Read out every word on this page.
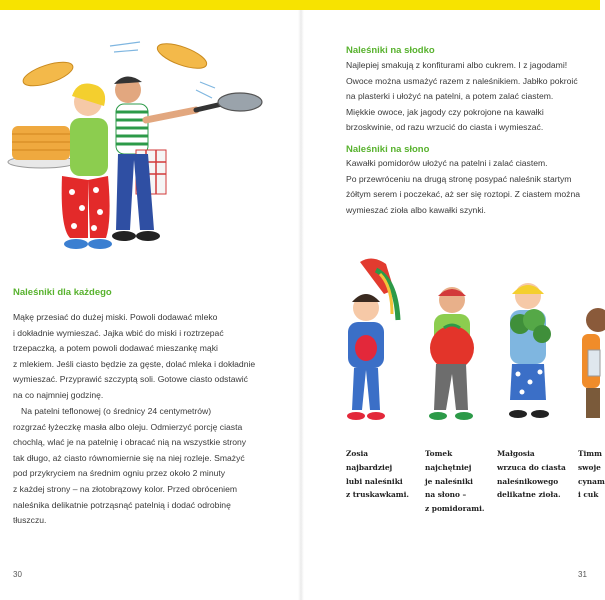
Naleśniki dla każdego
Mąkę przesiać do dużej miski. Powoli dodawać mleko
i dokładnie wymieszać. Jajka wbić do miski i roztrzepać
trzepaczką, a potem powoli dodawać mieszankę mąki
z mlekiem. Jeśli ciasto będzie za gęste, dolać mleka i dokładnie
wymieszać. Przyprawić szczyptą soli. Gotowe ciasto odstawić
na co najmniej godzinę.
Na patelni teflonowej (o średnicy 24 centymetrów)
rozgrzać łyżeczkę masła albo oleju. Odmierzyć porcję ciasta
chochlą, wlać je na patelnię i obracać nią na wszystkie strony
tak długo, aż ciasto równomiernie się na niej rozleje. Smażyć
pod przykryciem na średnim ogniu przez około 2 minuty
z każdej strony – na złotobrązowy kolor. Przed obróceniem
naleśnika delikatnie potrząsnąć patelnią i dodać odrobinę
tłuszczu.
30
Naleśniki na słodko
Najlepiej smakują z konfiturami albo cukrem. I z jagodami!
Owoce można usmażyć razem z naleśnikiem. Jabłko pokroić
na plasterki i ułożyć na patelni, a potem zalać ciastem.
Miękkie owoce, jak jagody czy pokrojone na kawałki
brzoskwinie, od razu wrzucić do ciasta i wymieszać.
Naleśniki na słono
Kawałki pomidorów ułożyć na patelni i zalać ciastem.
Po przewróceniu na drugą stronę posypać naleśnik startym
żółtym serem i poczekać, aż ser się roztopi. Z ciastem można
wymieszać zioła albo kawałki szynki.
Zosia
najbardziej
lubi naleśniki
z truskawkami.
Tomek
najchętniej
je naleśniki
na słono –
z pomidorami.
Małgosia
wrzuca do ciasta
naleśnikowego
delikatne zioła.
Timm
swoje
cynam
i cuk
31
